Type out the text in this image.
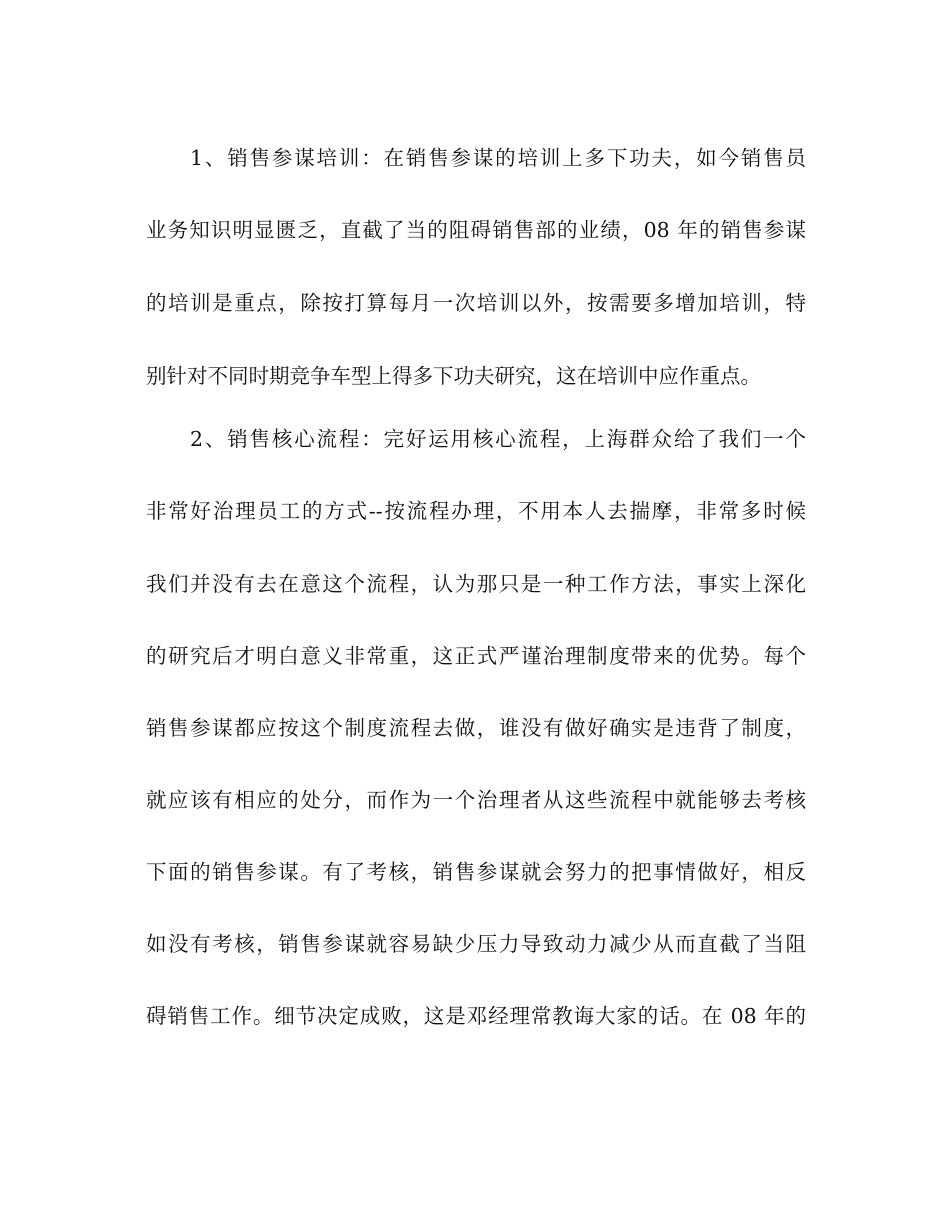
1、销售参谋培训：在销售参谋的培训上多下功夫，如今销售员
业务知识明显匮乏，直截了当的阻碍销售部的业绩，08 年的销售参谋
的培训是重点，除按打算每月一次培训以外，按需要多增加培训，特
别针对不同时期竞争车型上得多下功夫研究，这在培训中应作重点。
2、销售核心流程：完好运用核心流程，上海群众给了我们一个
非常好治理员工的方式--按流程办理，不用本人去揣摩，非常多时候
我们并没有去在意这个流程，认为那只是一种工作方法，事实上深化
的研究后才明白意义非常重，这正式严谨治理制度带来的优势。每个
销售参谋都应按这个制度流程去做，谁没有做好确实是违背了制度，
就应该有相应的处分，而作为一个治理者从这些流程中就能够去考核
下面的销售参谋。有了考核，销售参谋就会努力的把事情做好，相反
如没有考核，销售参谋就容易缺少压力导致动力减少从而直截了当阻
碍销售工作。细节决定成败，这是邓经理常教诲大家的话。在 08 年的
